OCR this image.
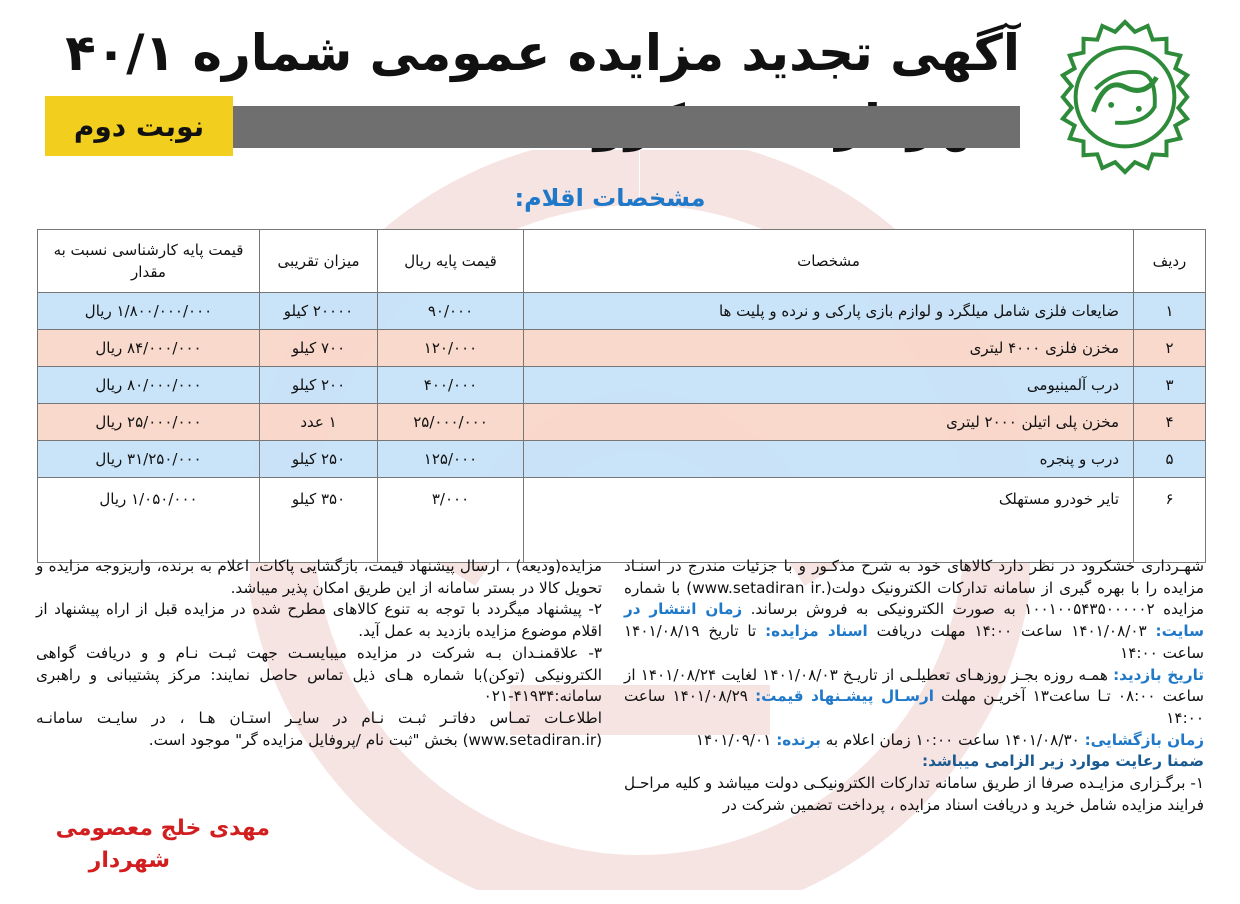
آگهی تجدید مزایده عمومی شماره ۴۰/۱
نوبت دوم
مشخصات اقلام:
ردیف	مشخصات	قیمت پایه ریال	میزان تقریبی	قیمت پایه کارشناسی نسبت به مقدار
۱	ضایعات فلزی شامل میلگرد و لوازم بازی پارکی و نرده و پلیت ها	۹۰/۰۰۰	۲۰۰۰۰ کیلو	۱/۸۰۰/۰۰۰/۰۰۰ ریال
۲	مخزن فلزی ۴۰۰۰ لیتری	۱۲۰/۰۰۰	۷۰۰ کیلو	۸۴/۰۰۰/۰۰۰ ریال
۳	درب آلمینیومی	۴۰۰/۰۰۰	۲۰۰ کیلو	۸۰/۰۰۰/۰۰۰ ریال
۴	مخزن پلی اتیلن ۲۰۰۰ لیتری	۲۵/۰۰۰/۰۰۰	۱ عدد	۲۵/۰۰۰/۰۰۰ ریال
۵	درب و پنجره	۱۲۵/۰۰۰	۲۵۰ کیلو	۳۱/۲۵۰/۰۰۰ ریال
۶	تایر خودرو مستهلک	۳/۰۰۰	۳۵۰ کیلو	۱/۰۵۰/۰۰۰ ریال

شهـرداری خشکرود در نظر دارد کالاهای خود به شرح مذکـور و با جزئیات مندرج در اسنـاد مزایده را با بهره گیری از سامانه تدارکات الکترونیک دولت(.www.setadiran ir) با شماره مزایده ۱۰۰۱۰۰۵۴۳۵۰۰۰۰۰۲ به صورت الکترونیکی به فروش برساند. زمان انتشار در سایت: ۱۴۰۱/۰۸/۰۳ ساعت ۱۴:۰۰ مهلت دریافت اسناد مزایده: تا تاریخ ۱۴۰۱/۰۸/۱۹ ساعت ۱۴:۰۰

تاریخ بازدید: همـه روزه بجـز روزهـای تعطیلـی از تاریـخ ۱۴۰۱/۰۸/۰۳ لغایت ۱۴۰۱/۰۸/۲۴ از ساعت ۰۸:۰۰ تـا ساعت۱۳ آخریـن مهلت ارسـال پیشـنهاد قیمت: ۱۴۰۱/۰۸/۲۹ ساعت ۱۴:۰۰

زمان بازگشایی: ۱۴۰۱/۰۸/۳۰ ساعت ۱۰:۰۰ زمان اعلام به برنده: ۱۴۰۱/۰۹/۰۱

ضمنا رعایت موارد زیر الزامی میباشد:

۱- برگـزاری مزایـده صرفا از طریق سامانه تدارکات الکترونیکـی دولت میباشد و کلیه مراحـل فرایند مزایده شامل خرید و دریافت اسناد مزایده ، پرداخت تضمین شرکت در

مزایده(ودیعه) ، ارسال پیشنهاد قیمت، بازگشایی پاکات، اعلام به برنده، واریزوجه مزایده و تحویل کالا در بستر سامانه از این طریق امکان پذیر میباشد.

۲- پیشنهاد میگردد با توجه به تنوع کالاهای مطرح شده در مزایده قبل از اراه پیشنهاد از اقلام موضوع مزایده بازدید به عمل آید.

۳- علاقمنـدان بـه شرکت در مزایده میبایسـت جهت ثبـت نـام و و دریافت گواهی الکترونیکی (توکن)با شماره هـای ذیل تماس حاصل نمایند: مرکز پشتیبانی و راهبری سامانه:۴۱۹۳۴-۰۲۱

اطلاعـات تمـاس دفاتـر ثبـت نـام در سایـر استـان هـا ، در سایـت سامانـه (www.setadiran.ir) بخش "ثبت نام /پروفایل مزایده گر" موجود است.

مهدی خلج معصومی
شهردار
